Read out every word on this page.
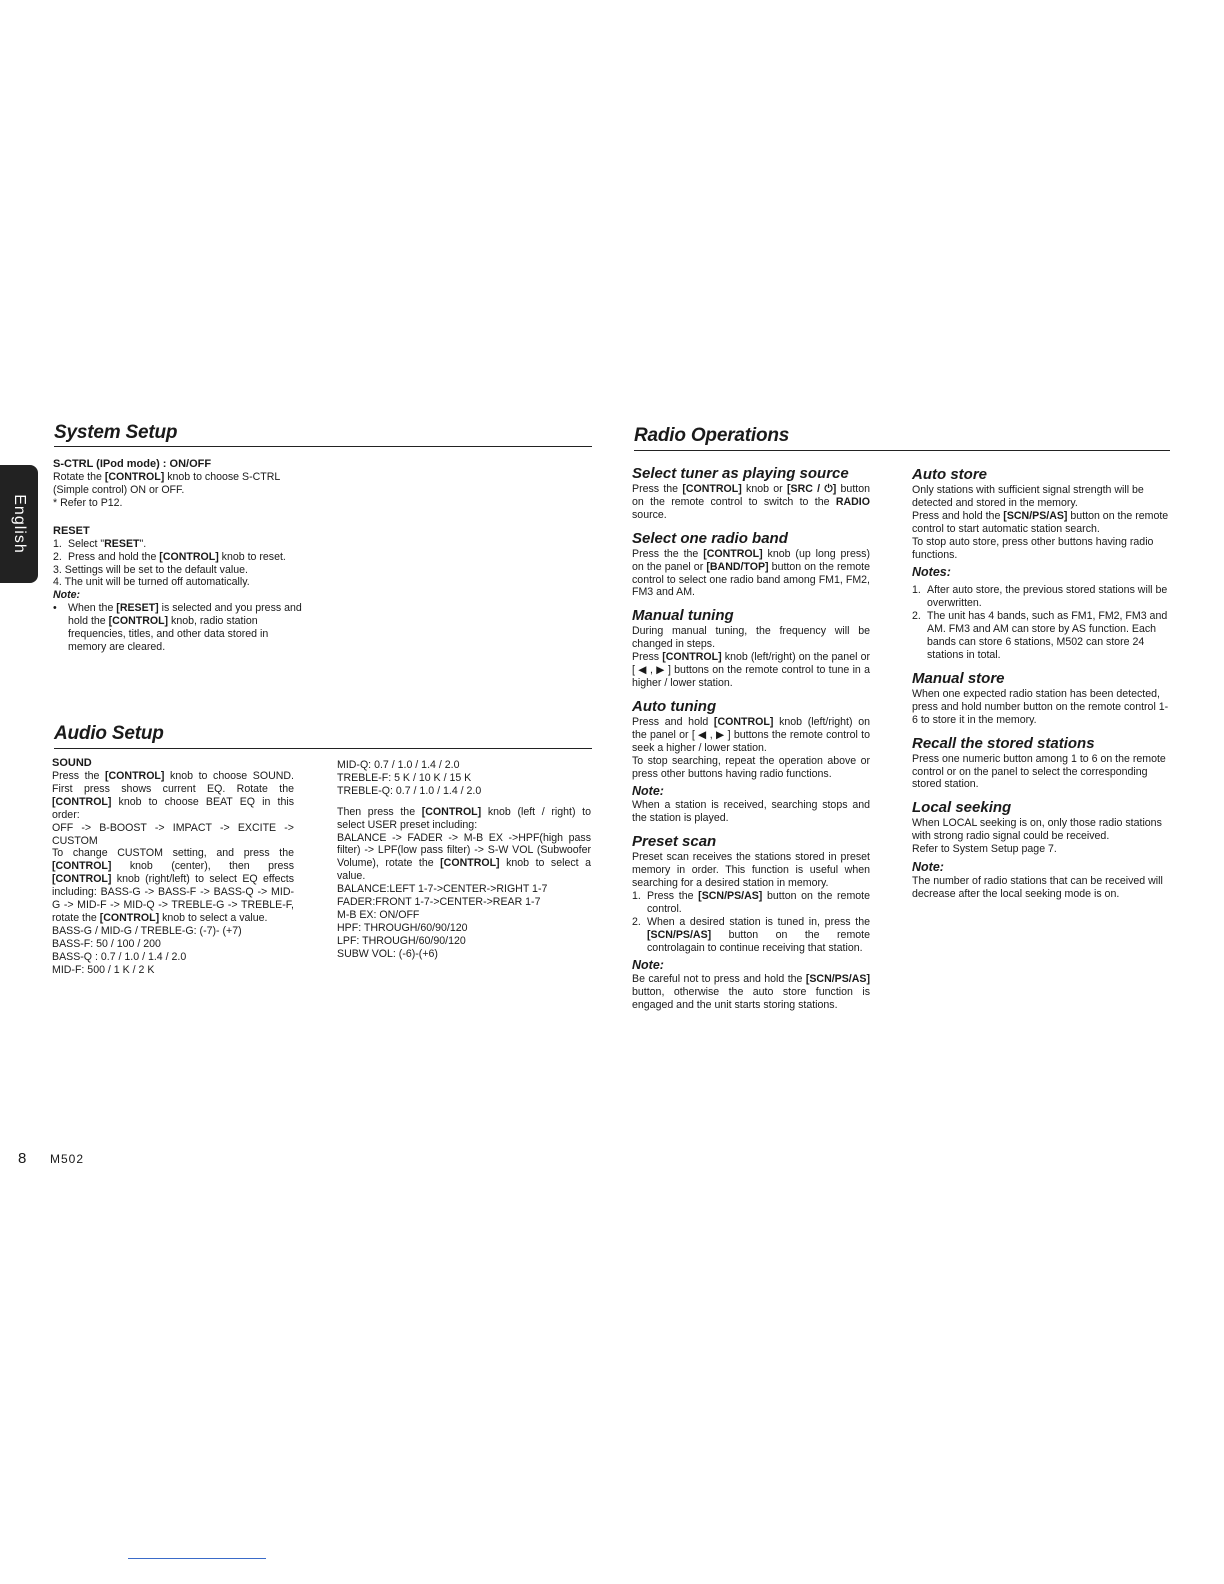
English
System Setup

S-CTRL (IPod mode) : ON/OFF

Rotate the [CONTROL] knob to choose S-CTRL

(Simple control) ON or OFF.

* Refer to P12.

RESET

1. Select "RESET".
2. Press and hold the [CONTROL] knob to reset.
3. Settings will be set to the default value.
4. The unit will be turned off automatically.

Note:

• When the [RESET] is selected and you press and hold the [CONTROL] knob, radio station frequencies, titles, and other data stored in memory are cleared.
Audio Setup

SOUND

Press the [CONTROL] knob to choose SOUND. First press shows current EQ. Rotate the [CONTROL] knob to choose BEAT EQ in this order:

OFF -> B-BOOST -> IMPACT -> EXCITE -> CUSTOM

To change CUSTOM setting, and press the [CONTROL] knob (center), then press [CONTROL] knob (right/left) to select EQ effects including: BASS-G -> BASS-F -> BASS-Q -> MID-G -> MID-F -> MID-Q -> TREBLE-G -> TREBLE-F, rotate the [CONTROL] knob to select a value.

BASS-G / MID-G / TREBLE-G: (-7)- (+7)

BASS-F: 50 / 100 / 200

BASS-Q : 0.7 / 1.0 / 1.4 / 2.0

MID-F: 500 / 1 K / 2 K

MID-Q: 0.7 / 1.0 / 1.4 / 2.0

TREBLE-F: 5 K / 10 K / 15 K

TREBLE-Q: 0.7 / 1.0 / 1.4 / 2.0

Then press the [CONTROL] knob (left / right) to select USER preset including:

BALANCE -> FADER -> M-B EX ->HPF(high pass filter) -> LPF(low pass filter) -> S-W VOL (Subwoofer Volume), rotate the [CONTROL] knob to select a value.

BALANCE:LEFT 1-7->CENTER->RIGHT 1-7

FADER:FRONT 1-7->CENTER->REAR 1-7

M-B EX: ON/OFF

HPF: THROUGH/60/90/120

LPF: THROUGH/60/90/120

SUBW VOL: (-6)-(+6)

Radio Operations
Select tuner as playing source

Press the [CONTROL] knob or [SRC / ⏻] button on the remote control to switch to the RADIO source.

Select one radio band

Press the the [CONTROL] knob (up long press) on the panel or [BAND/TOP] button on the remote control to select one radio band among FM1, FM2, FM3 and AM.

Manual tuning

During manual tuning, the frequency will be changed in steps.

Press [CONTROL] knob (left/right) on the panel or [ ◀ , ▶ ] buttons on the remote control to tune in a higher / lower station.

Auto tuning

Press and hold [CONTROL] knob (left/right) on the panel or [ ◀ , ▶ ] buttons the remote control to seek a higher / lower station.

To stop searching, repeat the operation above or press other buttons having radio functions.

Note:

When a station is received, searching stops and the station is played.

Preset scan

Preset scan receives the stations stored in preset memory in order. This function is useful when searching for a desired station in memory.

1. Press the [SCN/PS/AS] button on the remote control.
2. When a desired station is tuned in, press the [SCN/PS/AS] button on the remote controlagain to continue receiving that station.

Note:

Be careful not to press and hold the [SCN/PS/AS] button, otherwise the auto store function is engaged and the unit starts storing stations.

Auto store

Only stations with sufficient signal strength will be detected and stored in the memory.

Press and hold the [SCN/PS/AS] button on the remote control to start automatic station search.

To stop auto store, press other buttons having radio functions.

Notes:

1. After auto store, the previous stored stations will be overwritten.
2. The unit has 4 bands, such as FM1, FM2, FM3 and AM. FM3 and AM can store by AS function. Each bands can store 6 stations, M502 can store 24 stations in total.
Manual store

When one expected radio station has been detected, press and hold number button on the remote control 1-6 to store it in the memory.

Recall the stored stations

Press one numeric button among 1 to 6 on the remote control or on the panel to select the corresponding stored station.

Local seeking

When LOCAL seeking is on, only those radio stations with strong radio signal could be received.

Refer to System Setup page 7.

Note:

The number of radio stations that can be received will decrease after the local seeking mode is on.

8 M502
